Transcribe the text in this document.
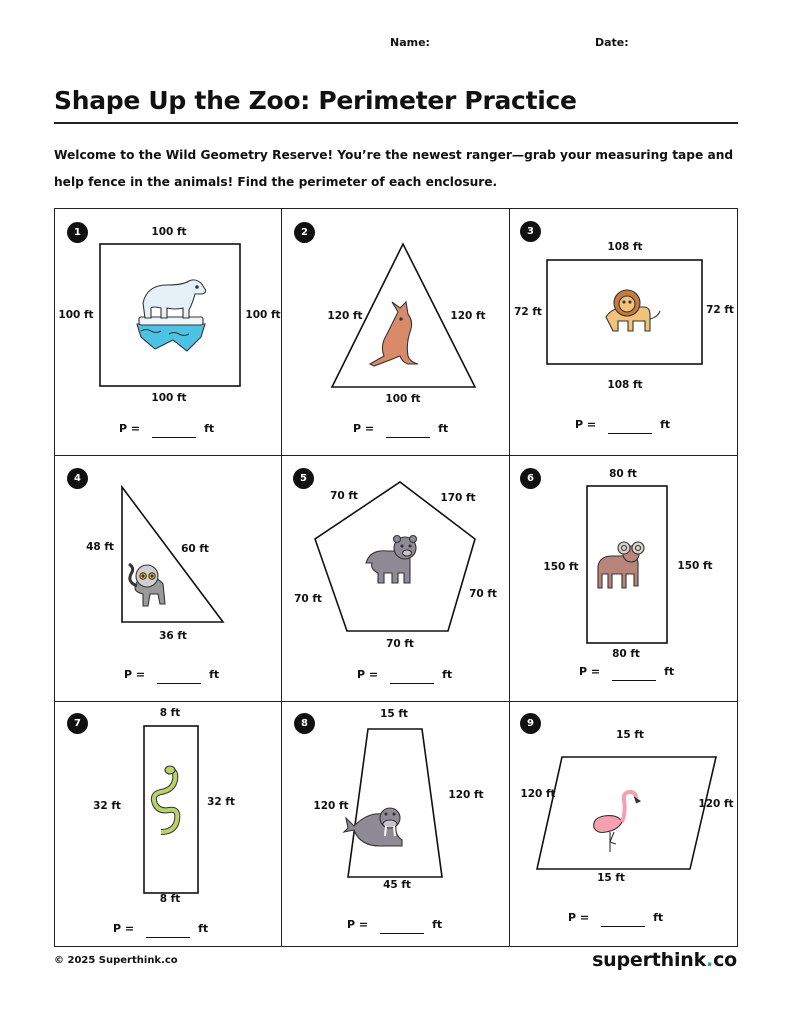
Name:	Date:
Shape Up the Zoo: Perimeter Practice
Welcome to the Wild Geometry Reserve! You’re the newest ranger—grab your measuring tape and
help fence in the animals! Find the perimeter of each enclosure.
1	100 ft
100 ft	100 ft
100 ft
P =	ft
2
120 ft	120 ft
100 ft
P =	ft
3
108 ft
72 ft	72 ft
108 ft
P =	ft
4
48 ft	60 ft
36 ft
P =	ft
5
70 ft	170 ft
70 ft	70 ft
70 ft
P =	ft
6	80 ft
150 ft	150 ft
80 ft
P =	ft
7
8 ft
32 ft	32 ft
8 ft
P =	ft
8
15 ft
120 ft
120 ft
45 ft
P =	ft
9
15 ft
120 ft
120 ft
15 ft
P =	ft
© 2025 Superthink.co	superthink.co
